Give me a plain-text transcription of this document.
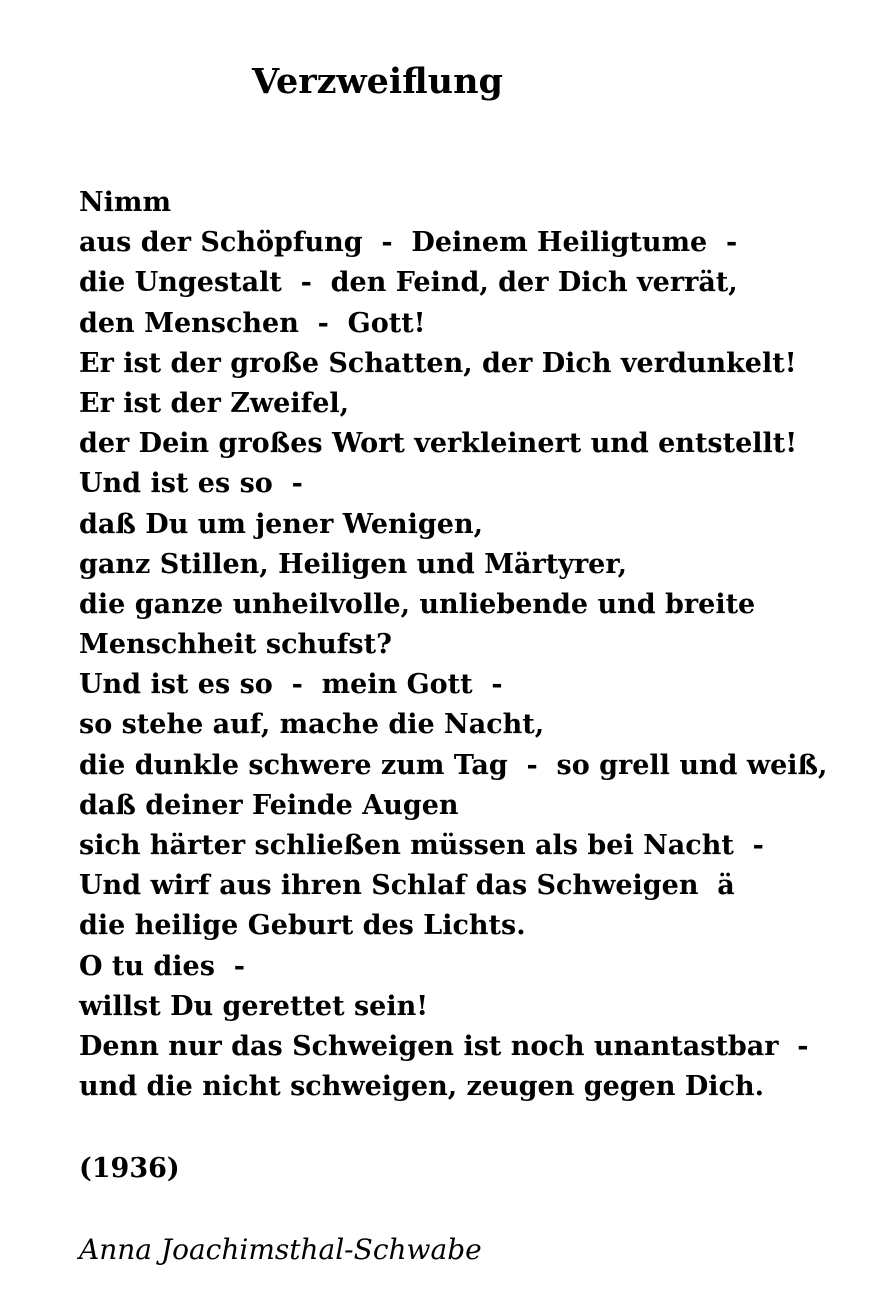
Verzweiflung
Nimm
aus der Schöpfung  -  Deinem Heiligtume  -
die Ungestalt  -  den Feind, der Dich verrät,
den Menschen  -  Gott!
Er ist der große Schatten, der Dich verdunkelt!
Er ist der Zweifel,
der Dein großes Wort verkleinert und entstellt!
Und ist es so  -
daß Du um jener Wenigen,
ganz Stillen, Heiligen und Märtyrer,
die ganze unheilvolle, unliebende und breite
Menschheit schufst?
Und ist es so  -  mein Gott  -
so stehe auf, mache die Nacht,
die dunkle schwere zum Tag  -  so grell und weiß,
daß deiner Feinde Augen
sich härter schließen müssen als bei Nacht  -
Und wirf aus ihren Schlaf das Schweigen  ä
die heilige Geburt des Lichts.
O tu dies  -
willst Du gerettet sein!
Denn nur das Schweigen ist noch unantastbar  -
und die nicht schweigen, zeugen gegen Dich.

(1936)

Anna Joachimsthal-Schwabe
